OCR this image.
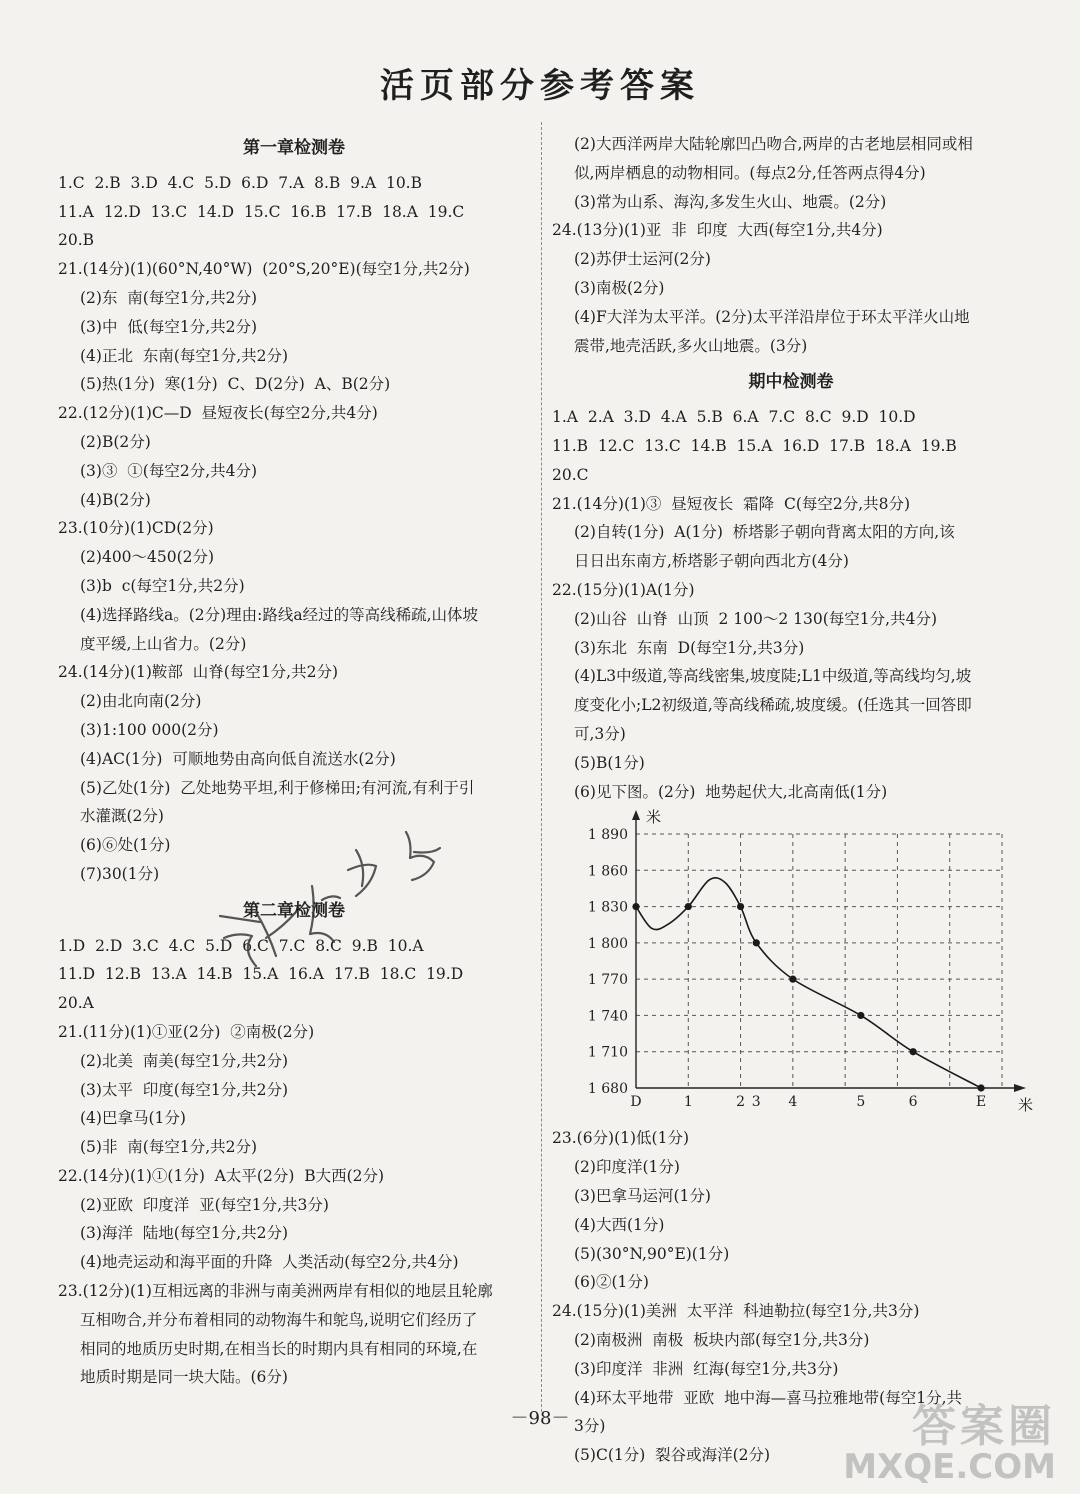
活页部分参考答案
第一章检测卷
1.C  2.B  3.D  4.C  5.D  6.D  7.A  8.B  9.A  10.B
11.A  12.D  13.C  14.D  15.C  16.B  17.B  18.A  19.C
20.B
21.(14分)(1)(60°N,40°W)  (20°S,20°E)(每空1分,共2分)
(2)东  南(每空1分,共2分)
(3)中  低(每空1分,共2分)
(4)正北  东南(每空1分,共2分)
(5)热(1分)  寒(1分)  C、D(2分)  A、B(2分)
22.(12分)(1)C—D  昼短夜长(每空2分,共4分)
(2)B(2分)
(3)③  ①(每空2分,共4分)
(4)B(2分)
23.(10分)(1)CD(2分)
(2)400～450(2分)
(3)b  c(每空1分,共2分)
(4)选择路线a。(2分)理由:路线a经过的等高线稀疏,山体坡
度平缓,上山省力。(2分)
24.(14分)(1)鞍部  山脊(每空1分,共2分)
(2)由北向南(2分)
(3)1:100 000(2分)
(4)AC(1分)  可顺地势由高向低自流送水(2分)
(5)乙处(1分)  乙处地势平坦,利于修梯田;有河流,有利于引
水灌溉(2分)
(6)⑥处(1分)
(7)30(1分)
第二章检测卷
1.D  2.D  3.C  4.C  5.D  6.C  7.C  8.C  9.B  10.A
11.D  12.B  13.A  14.B  15.A  16.A  17.B  18.C  19.D
20.A
21.(11分)(1)①亚(2分)  ②南极(2分)
(2)北美  南美(每空1分,共2分)
(3)太平  印度(每空1分,共2分)
(4)巴拿马(1分)
(5)非  南(每空1分,共2分)
22.(14分)(1)①(1分)  A太平(2分)  B大西(2分)
(2)亚欧  印度洋  亚(每空1分,共3分)
(3)海洋  陆地(每空1分,共2分)
(4)地壳运动和海平面的升降  人类活动(每空2分,共4分)
23.(12分)(1)互相远离的非洲与南美洲两岸有相似的地层且轮廓
互相吻合,并分布着相同的动物海牛和鸵鸟,说明它们经历了
相同的地质历史时期,在相当长的时期内具有相同的环境,在
地质时期是同一块大陆。(6分)
(2)大西洋两岸大陆轮廓凹凸吻合,两岸的古老地层相同或相
似,两岸栖息的动物相同。(每点2分,任答两点得4分)
(3)常为山系、海沟,多发生火山、地震。(2分)
24.(13分)(1)亚  非  印度  大西(每空1分,共4分)
(2)苏伊士运河(2分)
(3)南极(2分)
(4)F大洋为太平洋。(2分)太平洋沿岸位于环太平洋火山地
震带,地壳活跃,多火山地震。(3分)
期中检测卷
1.A  2.A  3.D  4.A  5.B  6.A  7.C  8.C  9.D  10.D
11.B  12.C  13.C  14.B  15.A  16.D  17.B  18.A  19.B
20.C
21.(14分)(1)③  昼短夜长  霜降  C(每空2分,共8分)
(2)自转(1分)  A(1分)  桥塔影子朝向背离太阳的方向,该
日日出东南方,桥塔影子朝向西北方(4分)
22.(15分)(1)A(1分)
(2)山谷  山脊  山顶  2 100～2 130(每空1分,共4分)
(3)东北  东南  D(每空1分,共3分)
(4)L3中级道,等高线密集,坡度陡;L1中级道,等高线均匀,坡
度变化小;L2初级道,等高线稀疏,坡度缓。(任选其一回答即
可,3分)
(5)B(1分)
(6)见下图。(2分)  地势起伏大,北高南低(1分)
1 680
1 710
1 740
1 770
1 800
1 830
1 860
1 890
米
米
D	1	2 3 4	5	6	E
23.(6分)(1)低(1分)
(2)印度洋(1分)
(3)巴拿马运河(1分)
(4)大西(1分)
(5)(30°N,90°E)(1分)
(6)②(1分)
24.(15分)(1)美洲  太平洋  科迪勒拉(每空1分,共3分)
(2)南极洲  南极  板块内部(每空1分,共3分)
(3)印度洋  非洲  红海(每空1分,共3分)
(4)环太平地带  亚欧  地中海—喜马拉雅地带(每空1分,共
3分)
(5)C(1分)  裂谷或海洋(2分)
－98－	答案圈
MXQE.COM
